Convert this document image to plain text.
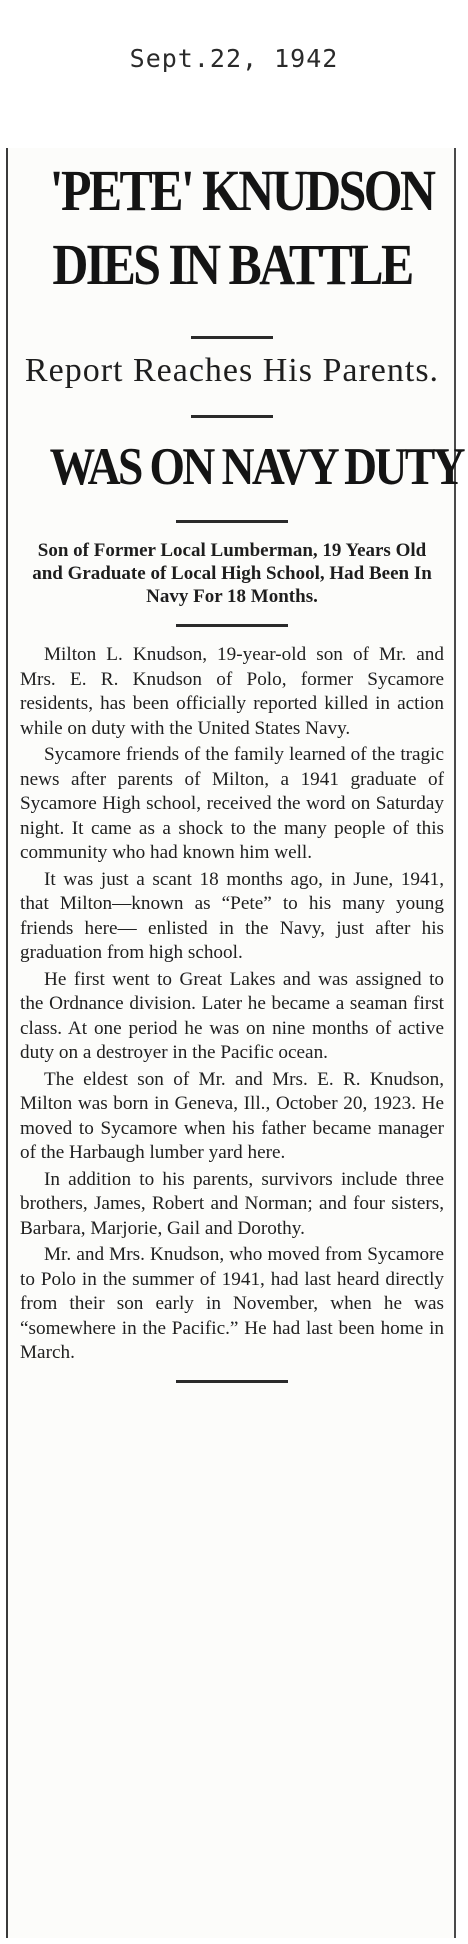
Sept.22, 1942
'PETE' KNUDSON
DIES IN BATTLE

Report Reaches His Parents.

WAS ON NAVY DUTY

Son of Former Local Lumberman, 19 Years Old and Graduate of Local High School, Had Been In Navy For 18 Months.

Milton L. Knudson, 19-year-old son of Mr. and Mrs. E. R. Knudson of Polo, former Sycamore residents, has been officially reported killed in action while on duty with the United States Navy.

Sycamore friends of the family learned of the tragic news after parents of Milton, a 1941 graduate of Sycamore High school, received the word on Saturday night. It came as a shock to the many people of this community who had known him well.

It was just a scant 18 months ago, in June, 1941, that Milton—known as “Pete” to his many young friends here— enlisted in the Navy, just after his graduation from high school.

He first went to Great Lakes and was assigned to the Ordnance division. Later he became a seaman first class. At one period he was on nine months of active duty on a destroyer in the Pacific ocean.

The eldest son of Mr. and Mrs. E. R. Knudson, Milton was born in Geneva, Ill., October 20, 1923. He moved to Sycamore when his father became manager of the Harbaugh lumber yard here.

In addition to his parents, survivors include three brothers, James, Robert and Norman; and four sisters, Barbara, Marjorie, Gail and Dorothy.

Mr. and Mrs. Knudson, who moved from Sycamore to Polo in the summer of 1941, had last heard directly from their son early in November, when he was “somewhere in the Pacific.” He had last been home in March.
